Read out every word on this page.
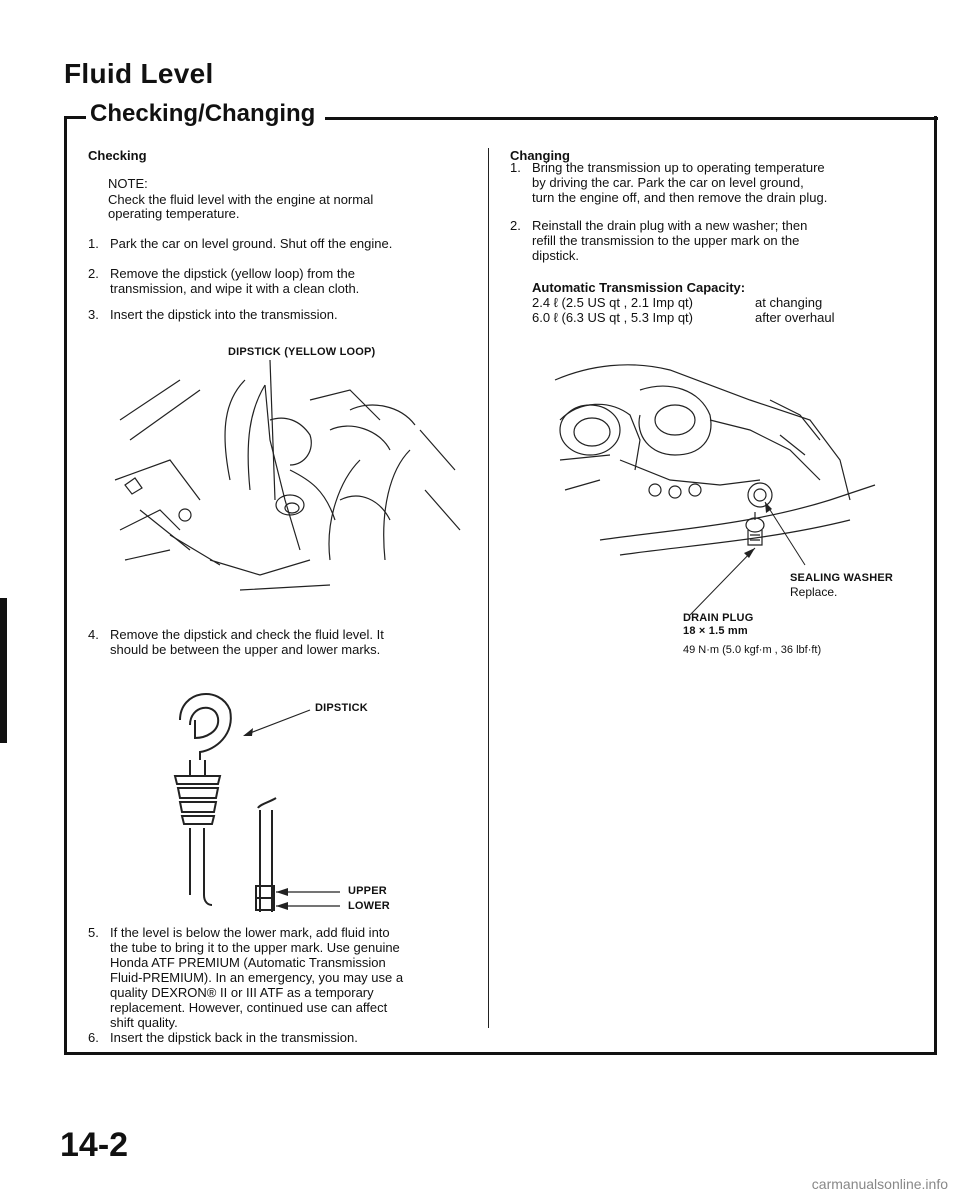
Fluid Level
Checking/Changing
Checking
NOTE:
Check the fluid level with the engine at normal
operating temperature.
1. Park the car on level ground. Shut off the engine.
2. Remove the dipstick (yellow loop) from the
transmission, and wipe it with a clean cloth.
3. Insert the dipstick into the transmission.
DIPSTICK (YELLOW LOOP)
4. Remove the dipstick and check the fluid level. It
should be between the upper and lower marks.
DIPSTICK
UPPER
LOWER
5. If the level is below the lower mark, add fluid into
the tube to bring it to the upper mark. Use genuine
Honda ATF PREMIUM (Automatic Transmission
Fluid-PREMIUM). In an emergency, you may use a
quality DEXRON® II or III ATF as a temporary
replacement. However, continued use can affect
shift quality.
6. Insert the dipstick back in the transmission.
Changing
1. Bring the transmission up to operating temperature
by driving the car. Park the car on level ground,
turn the engine off, and then remove the drain plug.
2. Reinstall the drain plug with a new washer; then
refill the transmission to the upper mark on the
dipstick.
Automatic Transmission Capacity:
2.4 ℓ (2.5 US qt , 2.1 Imp qt)	at changing
6.0 ℓ (6.3 US qt , 5.3 Imp qt)	after overhaul
SEALING WASHER
Replace.
DRAIN PLUG
18 × 1.5 mm
49 N·m (5.0 kgf·m , 36 lbf·ft)
14-2
carmanualsonline.info
